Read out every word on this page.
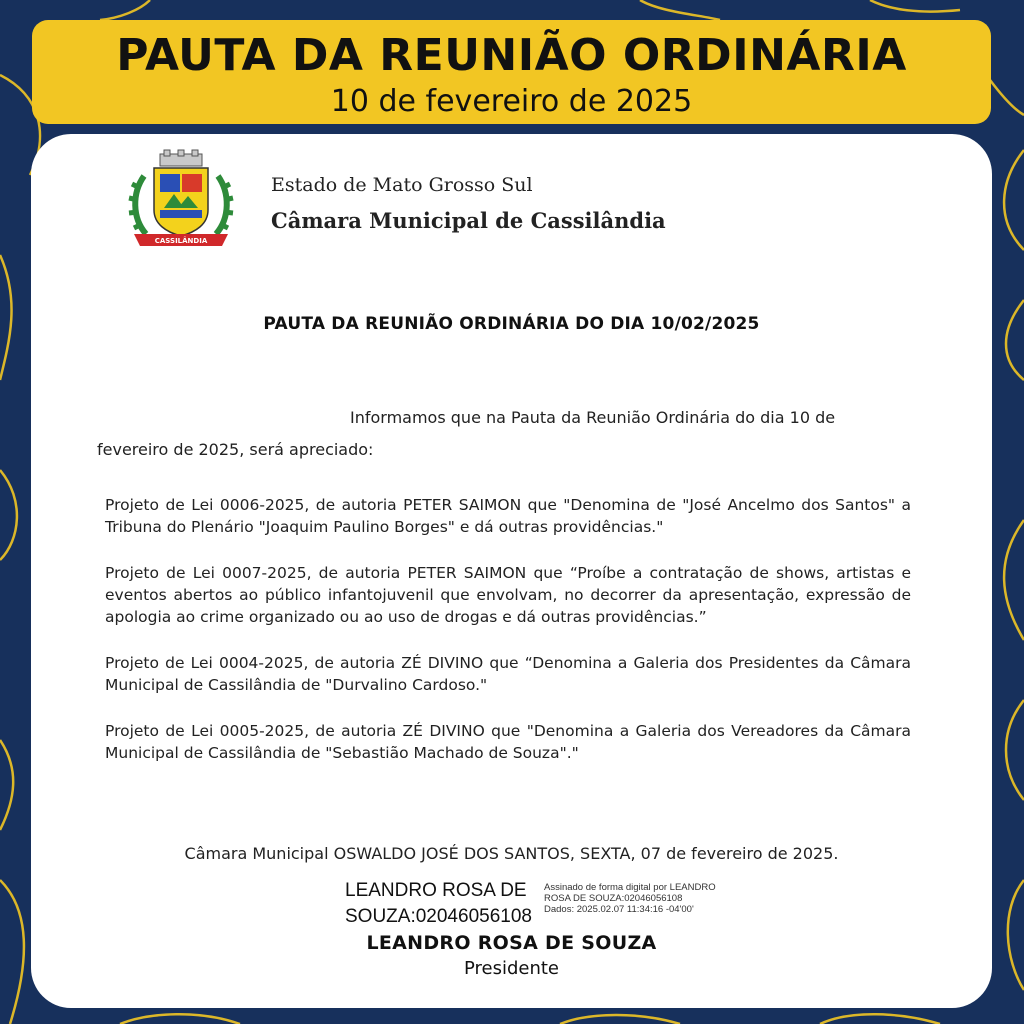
PAUTA DA REUNIÃO ORDINÁRIA
10 de fevereiro de 2025
CASSILÂNDIA
Estado de Mato Grosso Sul
Câmara Municipal de Cassilândia
PAUTA DA REUNIÃO ORDINÁRIA DO DIA 10/02/2025
Informamos que na Pauta da Reunião Ordinária do dia 10 de
fevereiro de 2025, será apreciado:

Projeto de Lei 0006-2025, de autoria PETER SAIMON que "Denomina de "José Ancelmo dos Santos" a Tribuna do Plenário "Joaquim Paulino Borges" e dá outras providências."

Projeto de Lei 0007-2025, de autoria PETER SAIMON que “Proíbe a contratação de shows, artistas e eventos abertos ao público infantojuvenil que envolvam, no decorrer da apresentação, expressão de apologia ao crime organizado ou ao uso de drogas e dá outras providências.”

Projeto de Lei 0004-2025, de autoria ZÉ DIVINO que “Denomina a Galeria dos Presidentes da Câmara Municipal de Cassilândia de "Durvalino Cardoso."

Projeto de Lei 0005-2025, de autoria ZÉ DIVINO que "Denomina a Galeria dos Vereadores da Câmara Municipal de Cassilândia de "Sebastião Machado de Souza"."

Câmara Municipal OSWALDO JOSÉ DOS SANTOS, SEXTA, 07 de fevereiro de 2025.
LEANDRO ROSA DE
SOUZA:02046056108
Assinado de forma digital por LEANDRO
ROSA DE SOUZA:02046056108
Dados: 2025.02.07 11:34:16 -04'00'
LEANDRO ROSA DE SOUZA
Presidente
